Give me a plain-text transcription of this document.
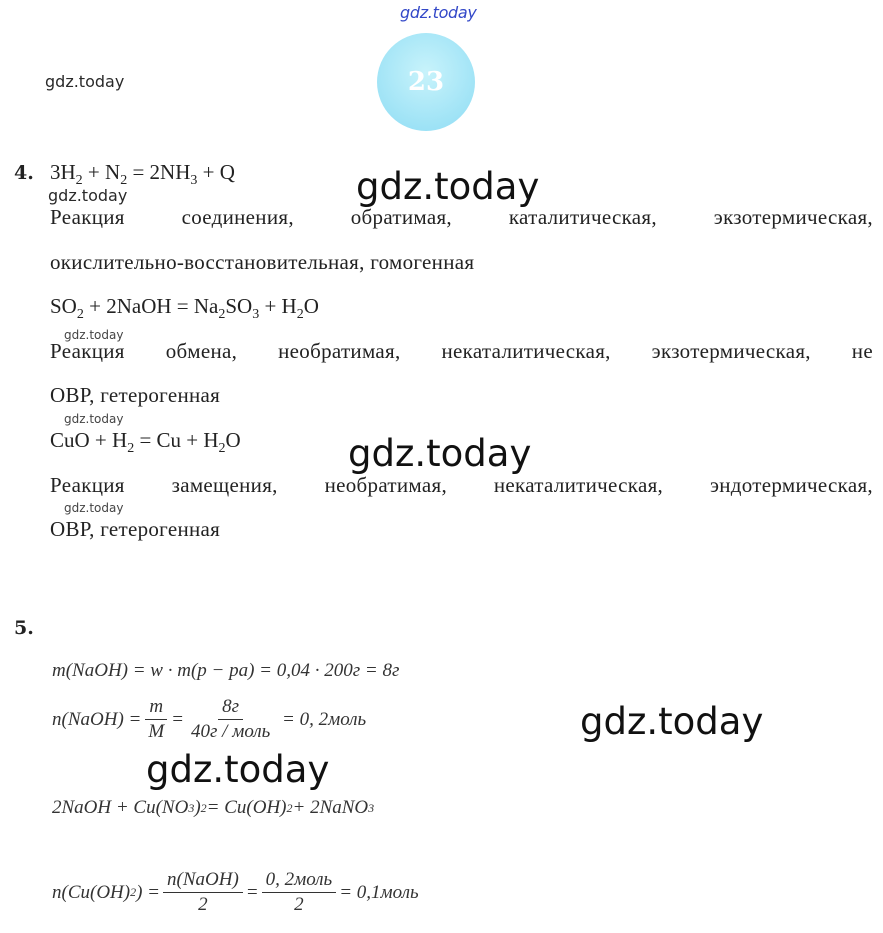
gdz.today
gdz.today	23
4. $3H_2 + N_2 = 2NH_3 + Q$
gdz.today	gdz.today
Реакция	соединения,	обратимая,	каталитическая,	экзотермическая,
окислительно-восстановительная, гомогенная
$SO_2$ + 2NaOH = $Na_2SO_3 + H_2O$
gdz.today
Реакция обмена, необратимая, некаталитическая, экзотермическая, не
ОВР, гетерогенная
gdz.today
CuO + $H_2 = Cu + H_2O$	gdz.today
Реакция замещения, необратимая, некаталитическая, эндотермическая,
gdz.today
ОВР, гетерогенная
5.
m(NaOH) = w · m(p − pa) = 0,04 · 200г = 8г
n(NaOH) = $\frac{m}{M} = \frac{8г}{\text{40г / моль}}$
= 0, 2моль	gdz.today
gdz.today
2NaOH + Cu(NO 3 ) 2 = Cu(OH) 2 + 2NaNO 3
n(Cu(OH) 2 ) = $\frac{\text{n(NaOH)}}{2} = \frac{\text{0, 2моль}}{2}$ = 0,1моль
